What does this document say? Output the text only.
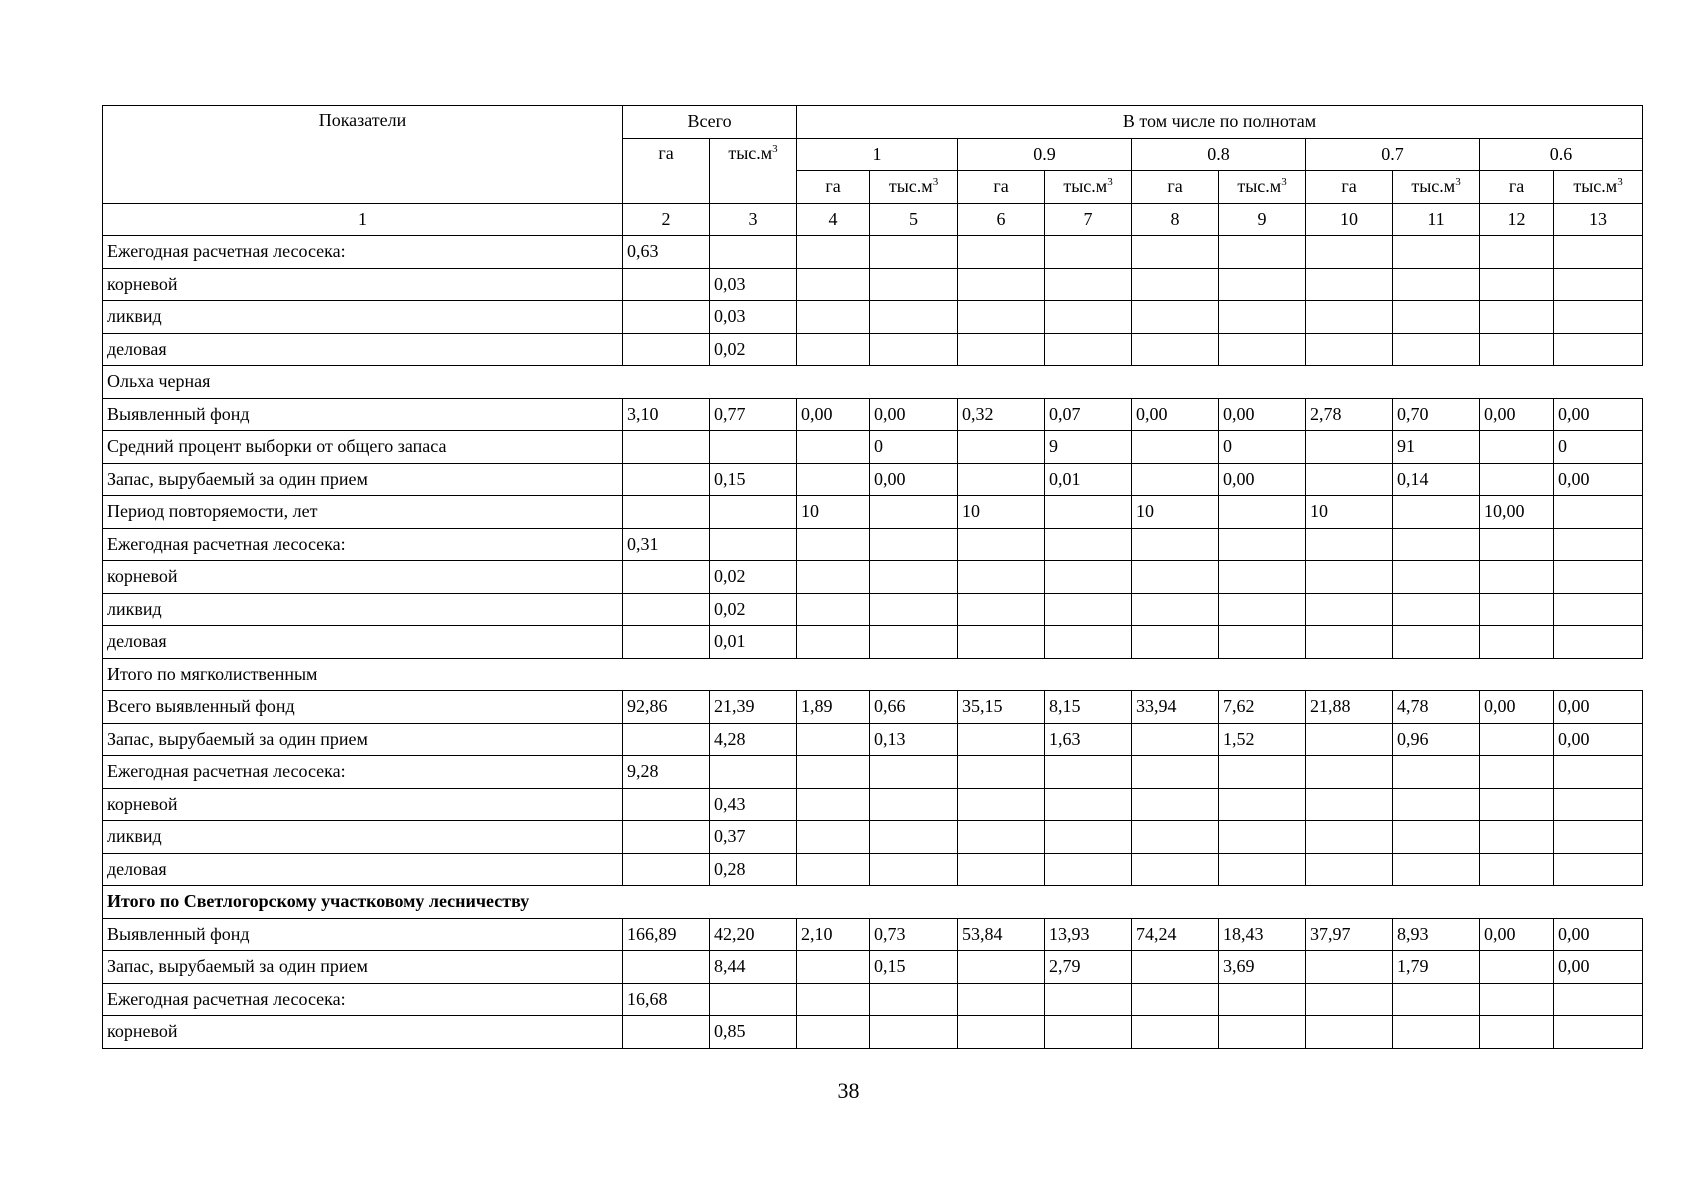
Показатели	Всего		В том числе по полнотам									
	га	$тыс.м^3$	1		0.9		0.8		0.7		0.6	
			га	$тыс.м^3$	га	$тыс.м^3$	га	$тыс.м^3$	га	$тыс.м^3$	га	$тыс.м^3$
1	2	3	4	5	6	7	8	9	10	11	12	13
Ежегодная расчетная лесосека:	0,63											
корневой		0,03										
ликвид		0,03										
деловая		0,02										
Ольха черная												
Выявленный фонд	3,10	0,77	0,00	0,00	0,32	0,07	0,00	0,00	2,78	0,70	0,00	0,00
Средний процент выборки от общего запаса				0		9		0		91		0
Запас, вырубаемый за один прием		0,15		0,00		0,01		0,00		0,14		0,00
Период повторяемости, лет			10		10		10		10		10,00	
Ежегодная расчетная лесосека:	0,31											
корневой		0,02										
ликвид		0,02										
деловая		0,01										
Итого по мягколиственным												
Всего выявленный фонд	92,86	21,39	1,89	0,66	35,15	8,15	33,94	7,62	21,88	4,78	0,00	0,00
Запас, вырубаемый за один прием		4,28		0,13		1,63		1,52		0,96		0,00
Ежегодная расчетная лесосека:	9,28											
корневой		0,43										
ликвид		0,37										
деловая		0,28										
Итого по Светлогорскому участковому лесничеству												
Выявленный фонд	166,89	42,20	2,10	0,73	53,84	13,93	74,24	18,43	37,97	8,93	0,00	0,00
Запас, вырубаемый за один прием		8,44		0,15		2,79		3,69		1,79		0,00
Ежегодная расчетная лесосека:	16,68											
корневой		0,85										
38
